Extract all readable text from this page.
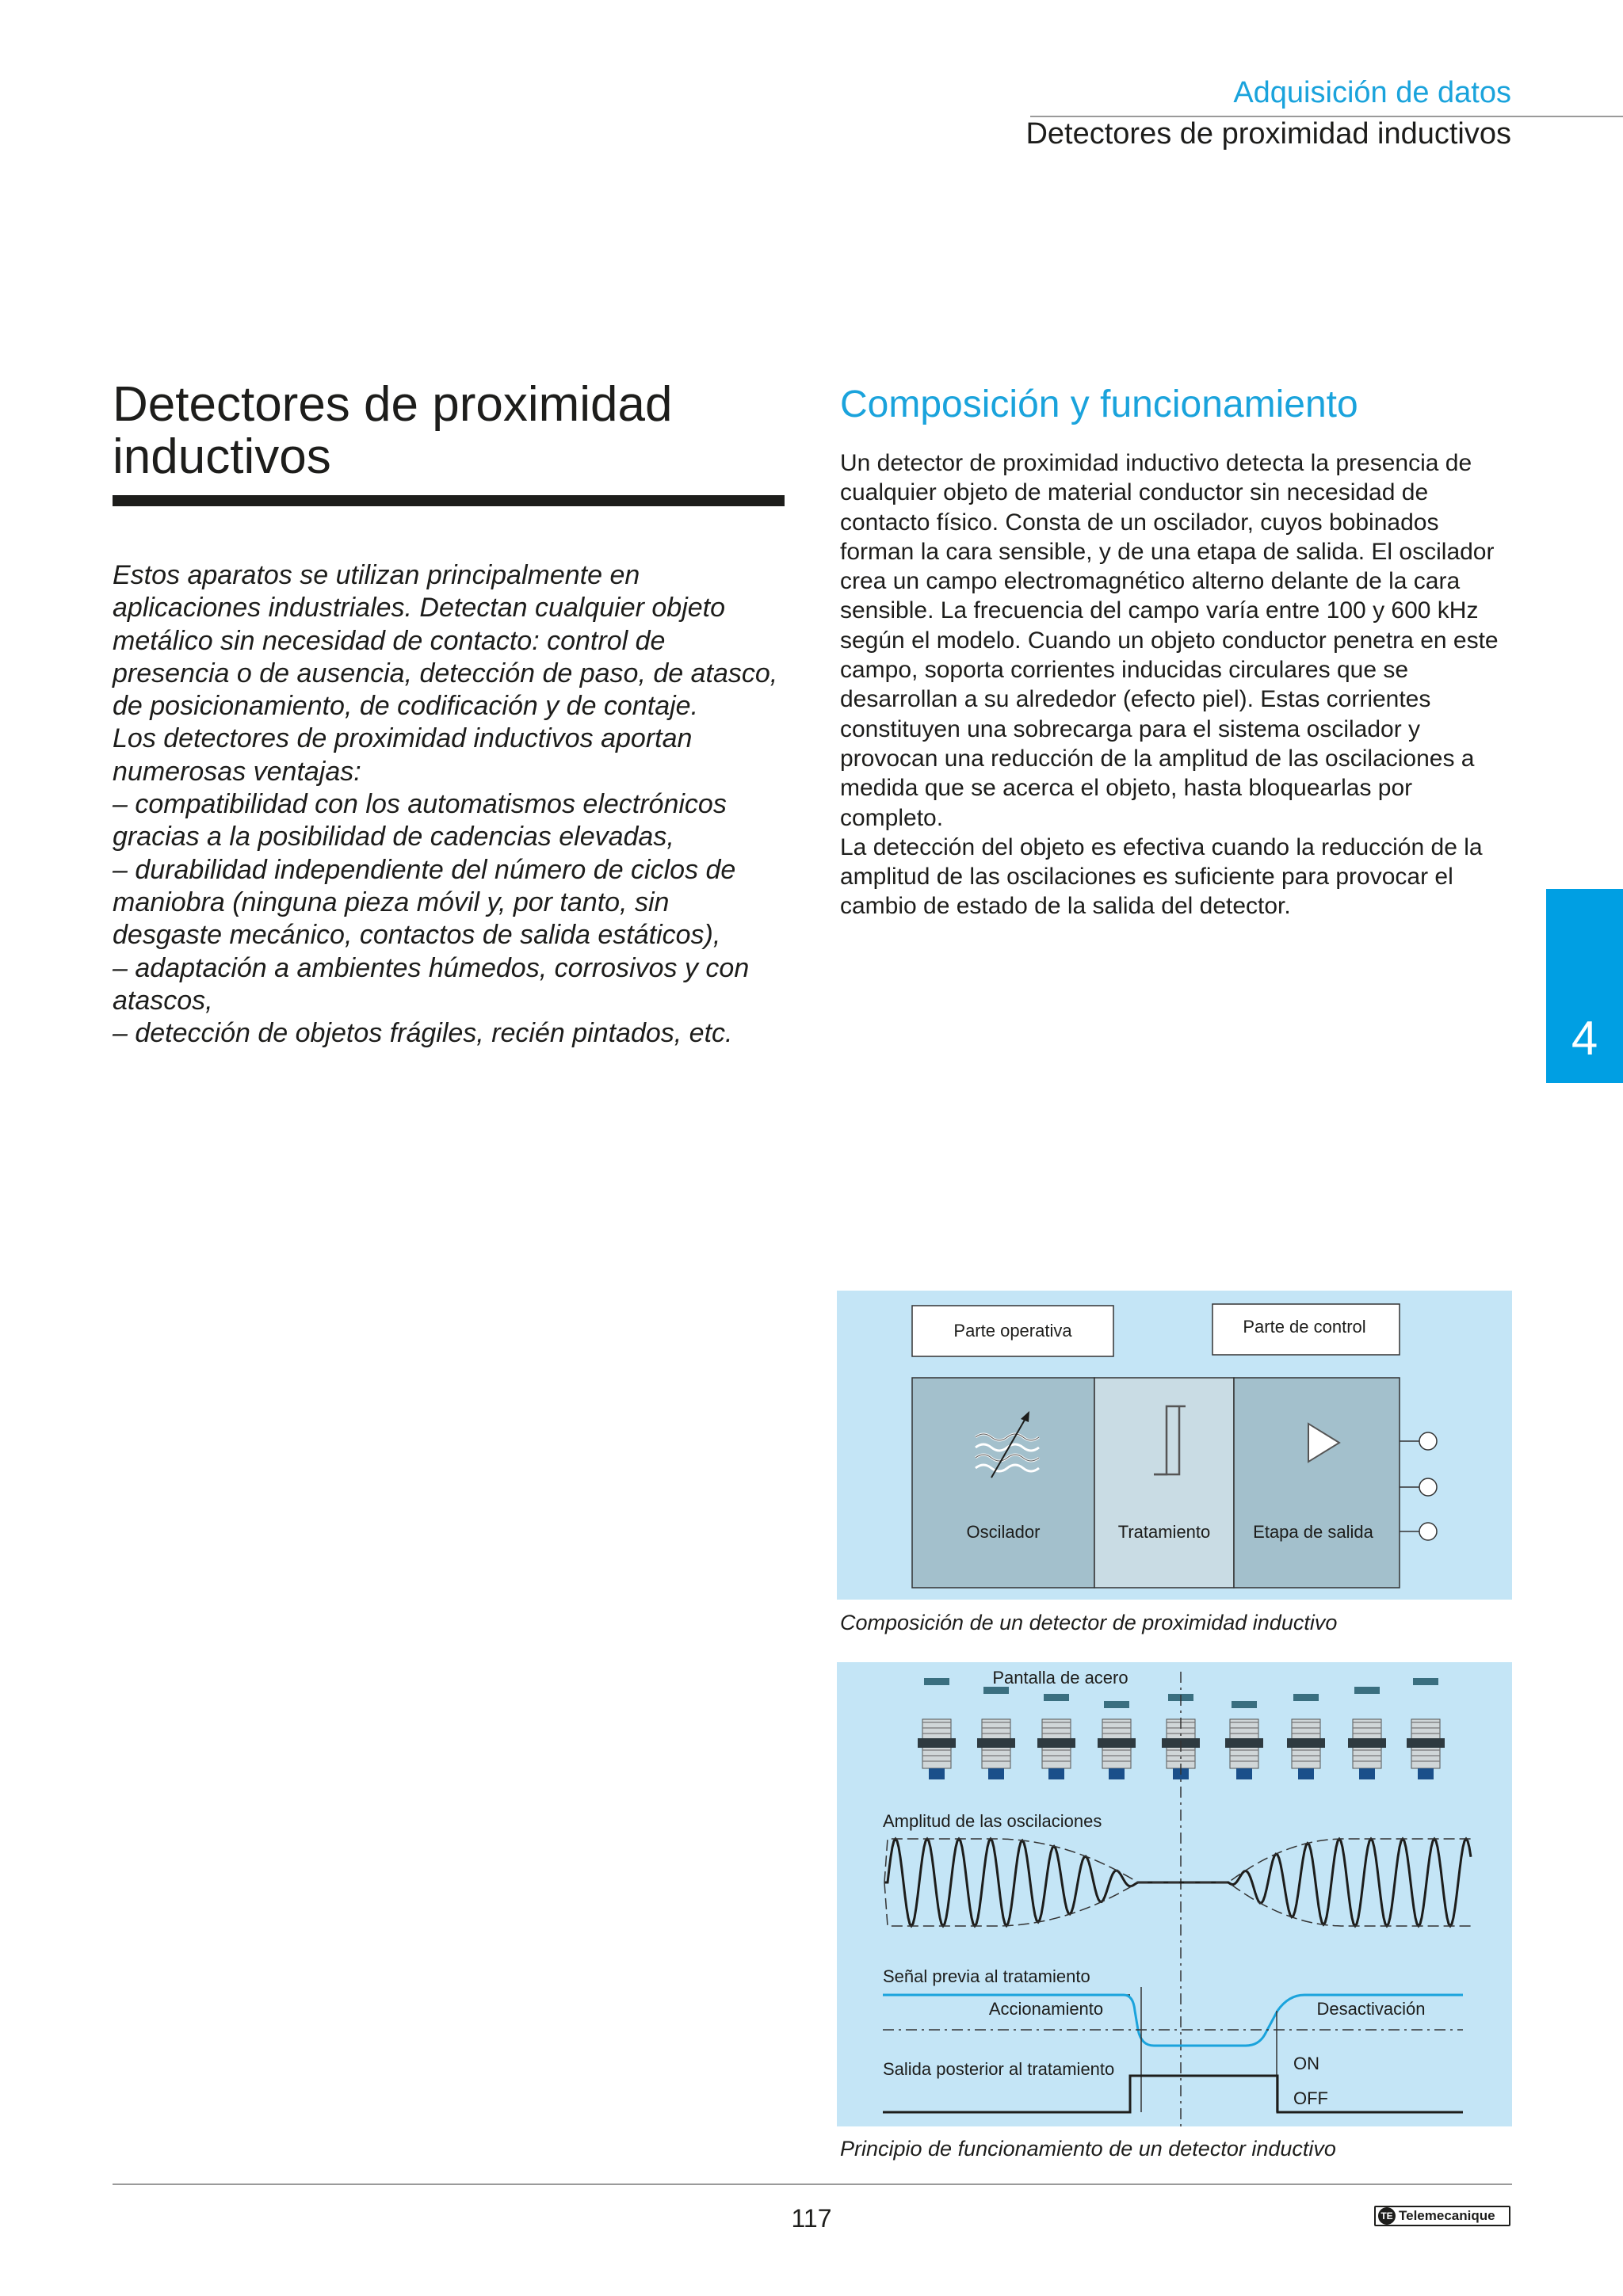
Adquisición de datos
Detectores de proximidad inductivos
Detectores de proximidad
inductivos

Estos aparatos se utilizan principalmente en aplicaciones industriales. Detectan cualquier objeto metálico sin necesidad de contacto: control de presencia o de ausencia, detección de paso, de atasco, de posicionamiento, de codificación y de contaje.

Los detectores de proximidad inductivos aportan numerosas ventajas:

– compatibilidad con los automatismos electrónicos gracias a la posibilidad de cadencias elevadas,

– durabilidad independiente del número de ciclos de maniobra (ninguna pieza móvil y, por tanto, sin desgaste mecánico, contactos de salida estáticos),

– adaptación a ambientes húmedos, corrosivos y con atascos,

– detección de objetos frágiles, recién pintados, etc.

Composición y funcionamiento

Un detector de proximidad inductivo detecta la presencia de cualquier objeto de material conductor sin necesidad de contacto físico. Consta de un oscilador, cuyos bobinados forman la cara sensible, y de una etapa de salida. El oscilador crea un campo electromagnético alterno delante de la cara sensible. La frecuencia del campo varía entre 100 y 600 kHz según el modelo. Cuando un objeto conductor penetra en este campo, soporta corrientes inducidas circulares que se desarrollan a su alrededor (efecto piel). Estas corrientes constituyen una sobrecarga para el sistema oscilador y provocan una reducción de la amplitud de las oscilaciones a medida que se acerca el objeto, hasta bloquearlas por completo.

La detección del objeto es efectiva cuando la reducción de la amplitud de las oscilaciones es suficiente para provocar el cambio de estado de la salida del detector.

4
Parte operativa	Parte de control
Oscilador	Tratamiento Etapa de salida
Composición de un detector de proximidad inductivo
Pantalla de acero
Amplitud de las oscilaciones
Señal previa al tratamiento
Accionamiento	Desactivación
Salida posterior al tratamiento	ON
OFF
Principio de funcionamiento de un detector inductivo
117	TE Telemecanique
